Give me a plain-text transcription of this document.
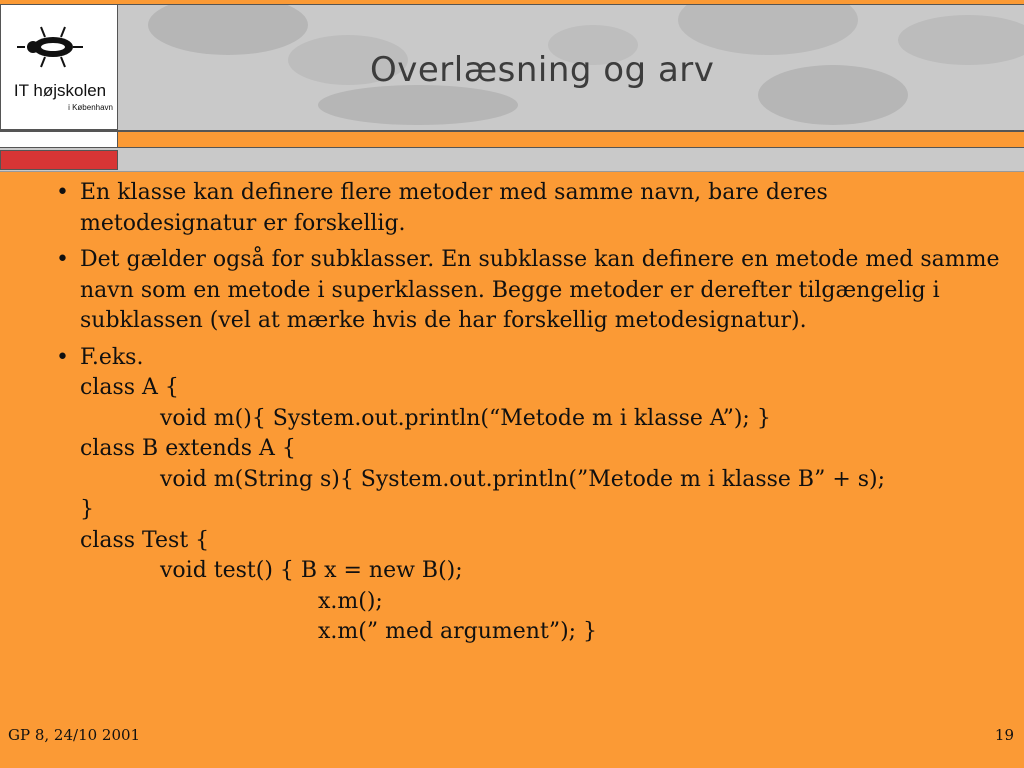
IT højskolen
i København
Overlæsning og arv
• En klasse kan definere flere metoder med samme navn, bare deres metodesignatur er forskellig.
• Det gælder også for subklasser. En subklasse kan definere en metode med samme navn som en metode i superklassen. Begge metoder er derefter tilgængelig i subklassen (vel at mærke hvis de har forskellig metodesignatur).
• F.eks.
class A {
void m(){ System.out.println(“Metode m i klasse A”); }
class B extends A {
void m(String s){ System.out.println(”Metode m i klasse B” + s);
}
class Test {
void test() { B x = new B();
x.m();
x.m(” med argument”); }
GP 8, 24/10 2001	19
